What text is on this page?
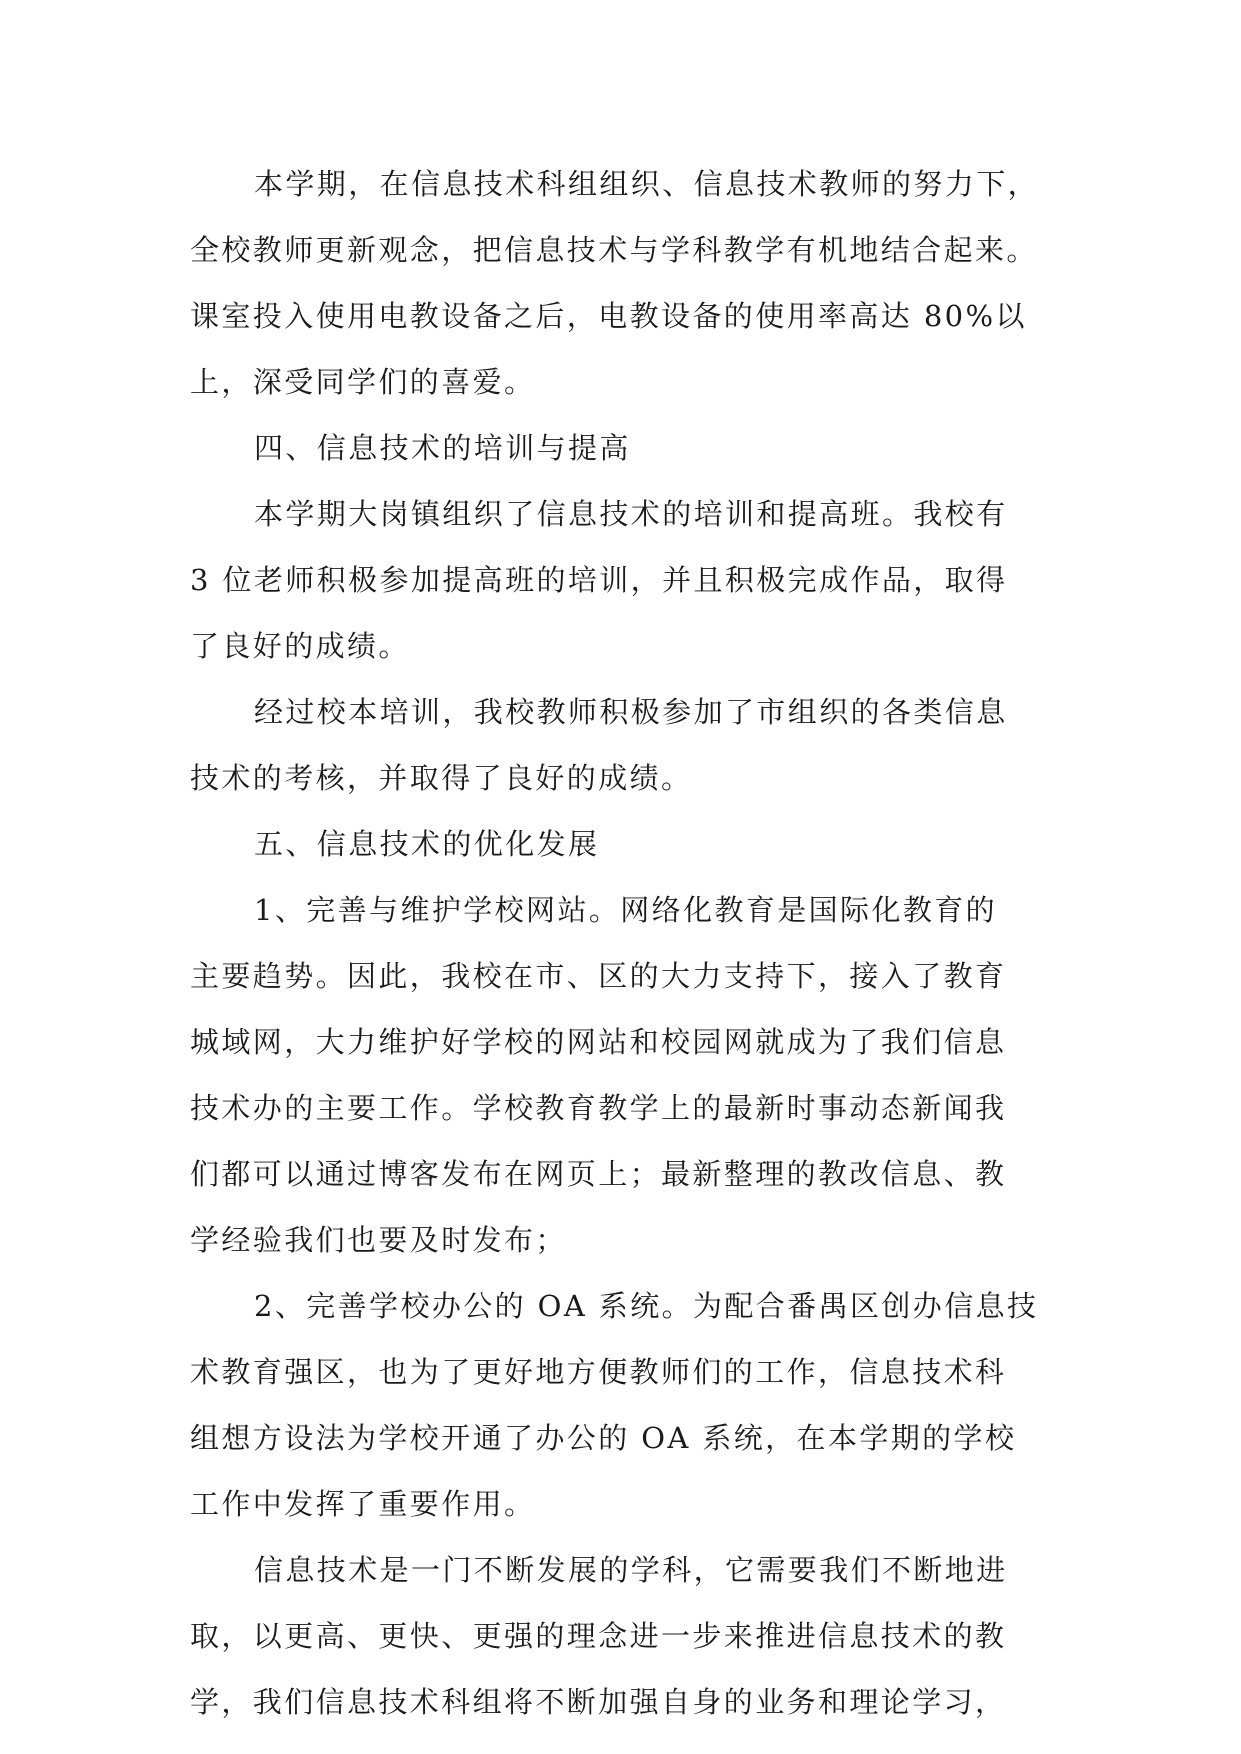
本学期，在信息技术科组组织、信息技术教师的努力下，
全校教师更新观念，把信息技术与学科教学有机地结合起来。
课室投入使用电教设备之后，电教设备的使用率高达 80%以
上，深受同学们的喜爱。
四、信息技术的培训与提高
本学期大岗镇组织了信息技术的培训和提高班。我校有
3 位老师积极参加提高班的培训，并且积极完成作品，取得
了良好的成绩。
经过校本培训，我校教师积极参加了市组织的各类信息
技术的考核，并取得了良好的成绩。
五、信息技术的优化发展
1、完善与维护学校网站。网络化教育是国际化教育的
主要趋势。因此，我校在市、区的大力支持下，接入了教育
城域网，大力维护好学校的网站和校园网就成为了我们信息
技术办的主要工作。学校教育教学上的最新时事动态新闻我
们都可以通过博客发布在网页上；最新整理的教改信息、教
学经验我们也要及时发布；
2、完善学校办公的 OA 系统。为配合番禺区创办信息技
术教育强区，也为了更好地方便教师们的工作，信息技术科
组想方设法为学校开通了办公的 OA 系统，在本学期的学校
工作中发挥了重要作用。
信息技术是一门不断发展的学科，它需要我们不断地进
取，以更高、更快、更强的理念进一步来推进信息技术的教
学，我们信息技术科组将不断加强自身的业务和理论学习，
